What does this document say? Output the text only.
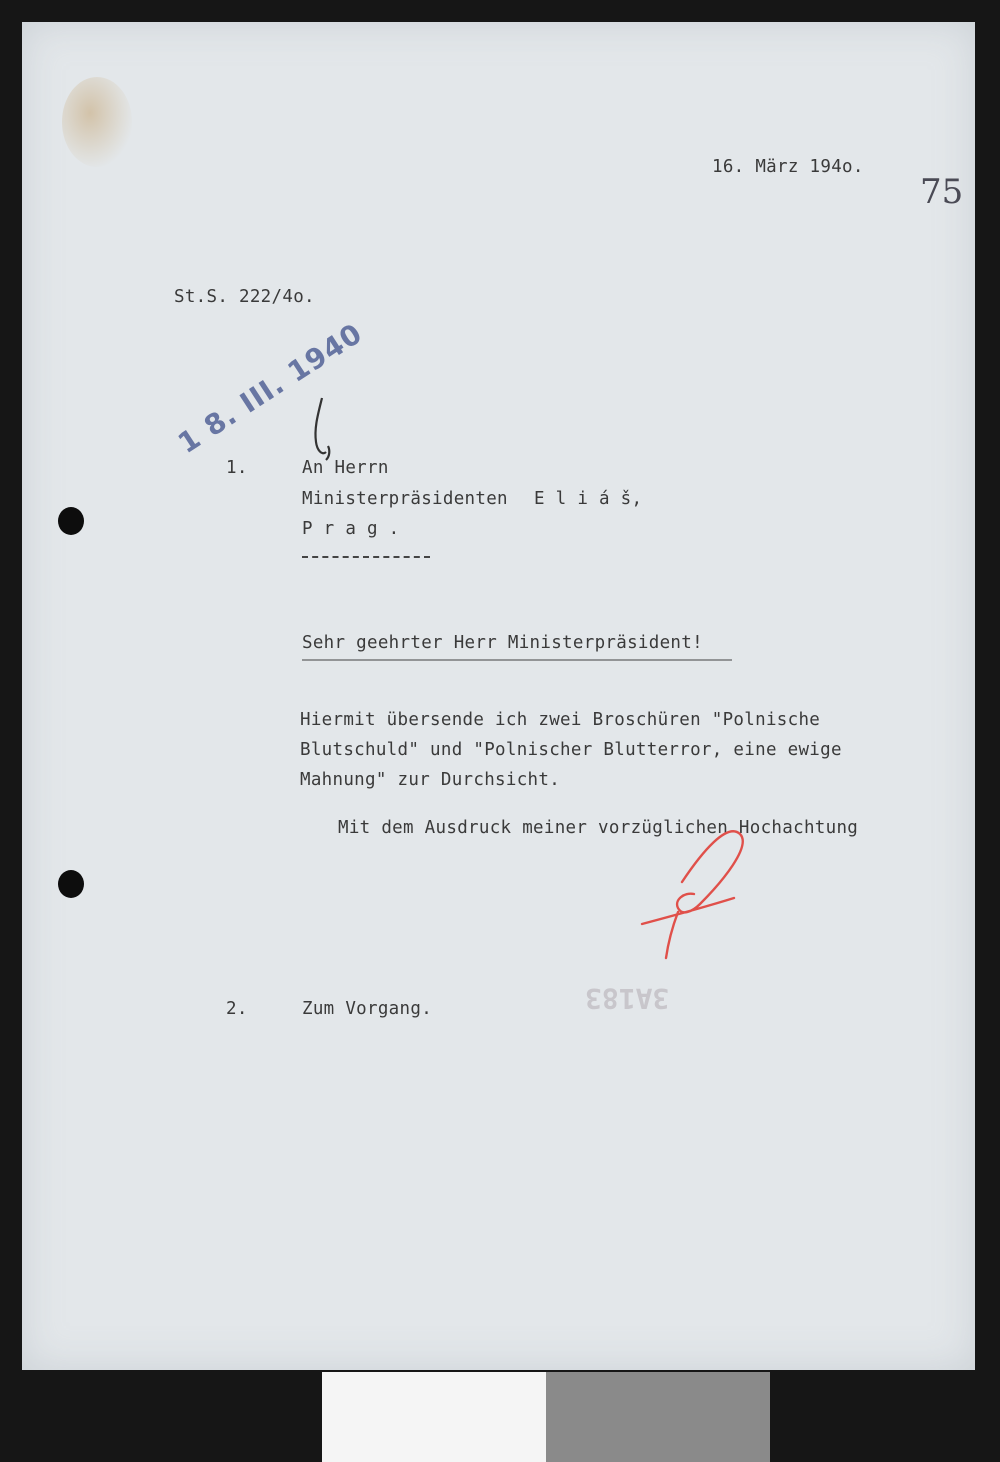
16. März 194o.
75
St.S. 222/4o.
1 8. III. 1940
1.	An Herrn
Ministerpräsidenten E l i á š,
P r a g .
Sehr geehrter Herr Ministerpräsident!
Hiermit übersende ich zwei Broschüren "Polnische
Blutschuld" und "Polnischer Blutterror, eine ewige
Mahnung" zur Durchsicht.
Mit dem Ausdruck meiner vorzüglichen Hochachtung
3A183
2.	Zum Vorgang.
